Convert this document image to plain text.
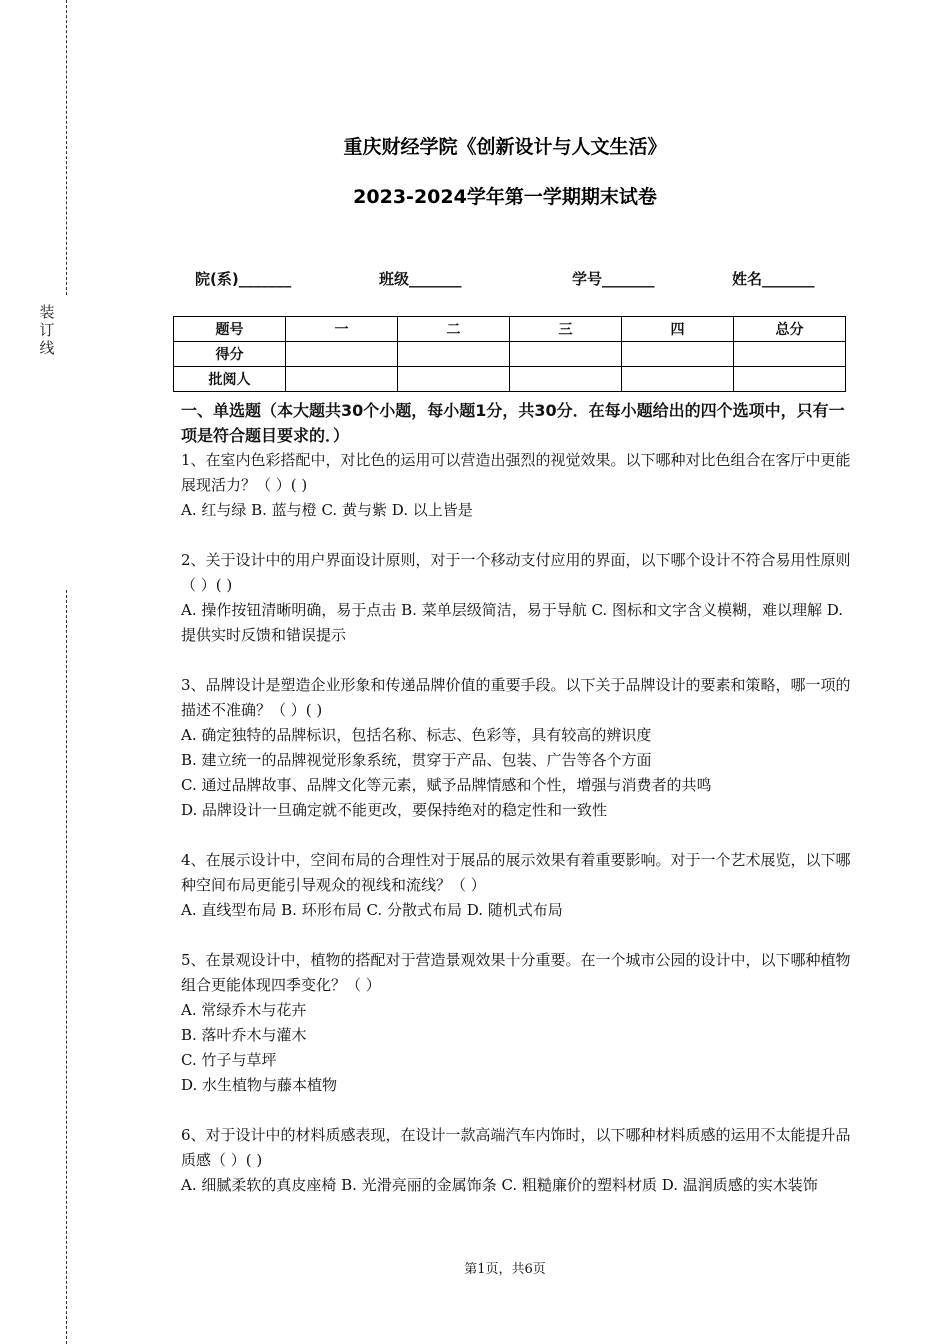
装订线
重庆财经学院《创新设计与人文生活》
2023-2024学年第一学期期末试卷
院(系)_______	班级_______	学号_______	姓名_______
题号	一	二	三	四	总分
得分					
批阅人					

一、单选题（本大题共30个小题，每小题1分，共30分．在每小题给出的四个选项中，只有一项是符合题目要求的．）

1、在室内色彩搭配中，对比色的运用可以营造出强烈的视觉效果。以下哪种对比色组合在客厅中更能展现活力？（ ）( )

A. 红与绿 B. 蓝与橙 C. 黄与紫 D. 以上皆是

2、关于设计中的用户界面设计原则，对于一个移动支付应用的界面，以下哪个设计不符合易用性原则（ ）( )

A. 操作按钮清晰明确，易于点击 B. 菜单层级简洁，易于导航 C. 图标和文字含义模糊，难以理解 D. 提供实时反馈和错误提示

3、品牌设计是塑造企业形象和传递品牌价值的重要手段。以下关于品牌设计的要素和策略，哪一项的描述不准确？（ ）( )

A. 确定独特的品牌标识，包括名称、标志、色彩等，具有较高的辨识度

B. 建立统一的品牌视觉形象系统，贯穿于产品、包装、广告等各个方面

C. 通过品牌故事、品牌文化等元素，赋予品牌情感和个性，增强与消费者的共鸣

D. 品牌设计一旦确定就不能更改，要保持绝对的稳定性和一致性

4、在展示设计中，空间布局的合理性对于展品的展示效果有着重要影响。对于一个艺术展览，以下哪种空间布局更能引导观众的视线和流线？（ ）

A. 直线型布局 B. 环形布局 C. 分散式布局 D. 随机式布局

5、在景观设计中，植物的搭配对于营造景观效果十分重要。在一个城市公园的设计中，以下哪种植物组合更能体现四季变化？（ ）

A. 常绿乔木与花卉

B. 落叶乔木与灌木

C. 竹子与草坪

D. 水生植物与藤本植物

6、对于设计中的材料质感表现，在设计一款高端汽车内饰时，以下哪种材料质感的运用不太能提升品质感（ ）( )

A. 细腻柔软的真皮座椅 B. 光滑亮丽的金属饰条 C. 粗糙廉价的塑料材质 D. 温润质感的实木装饰

第1页，共6页
